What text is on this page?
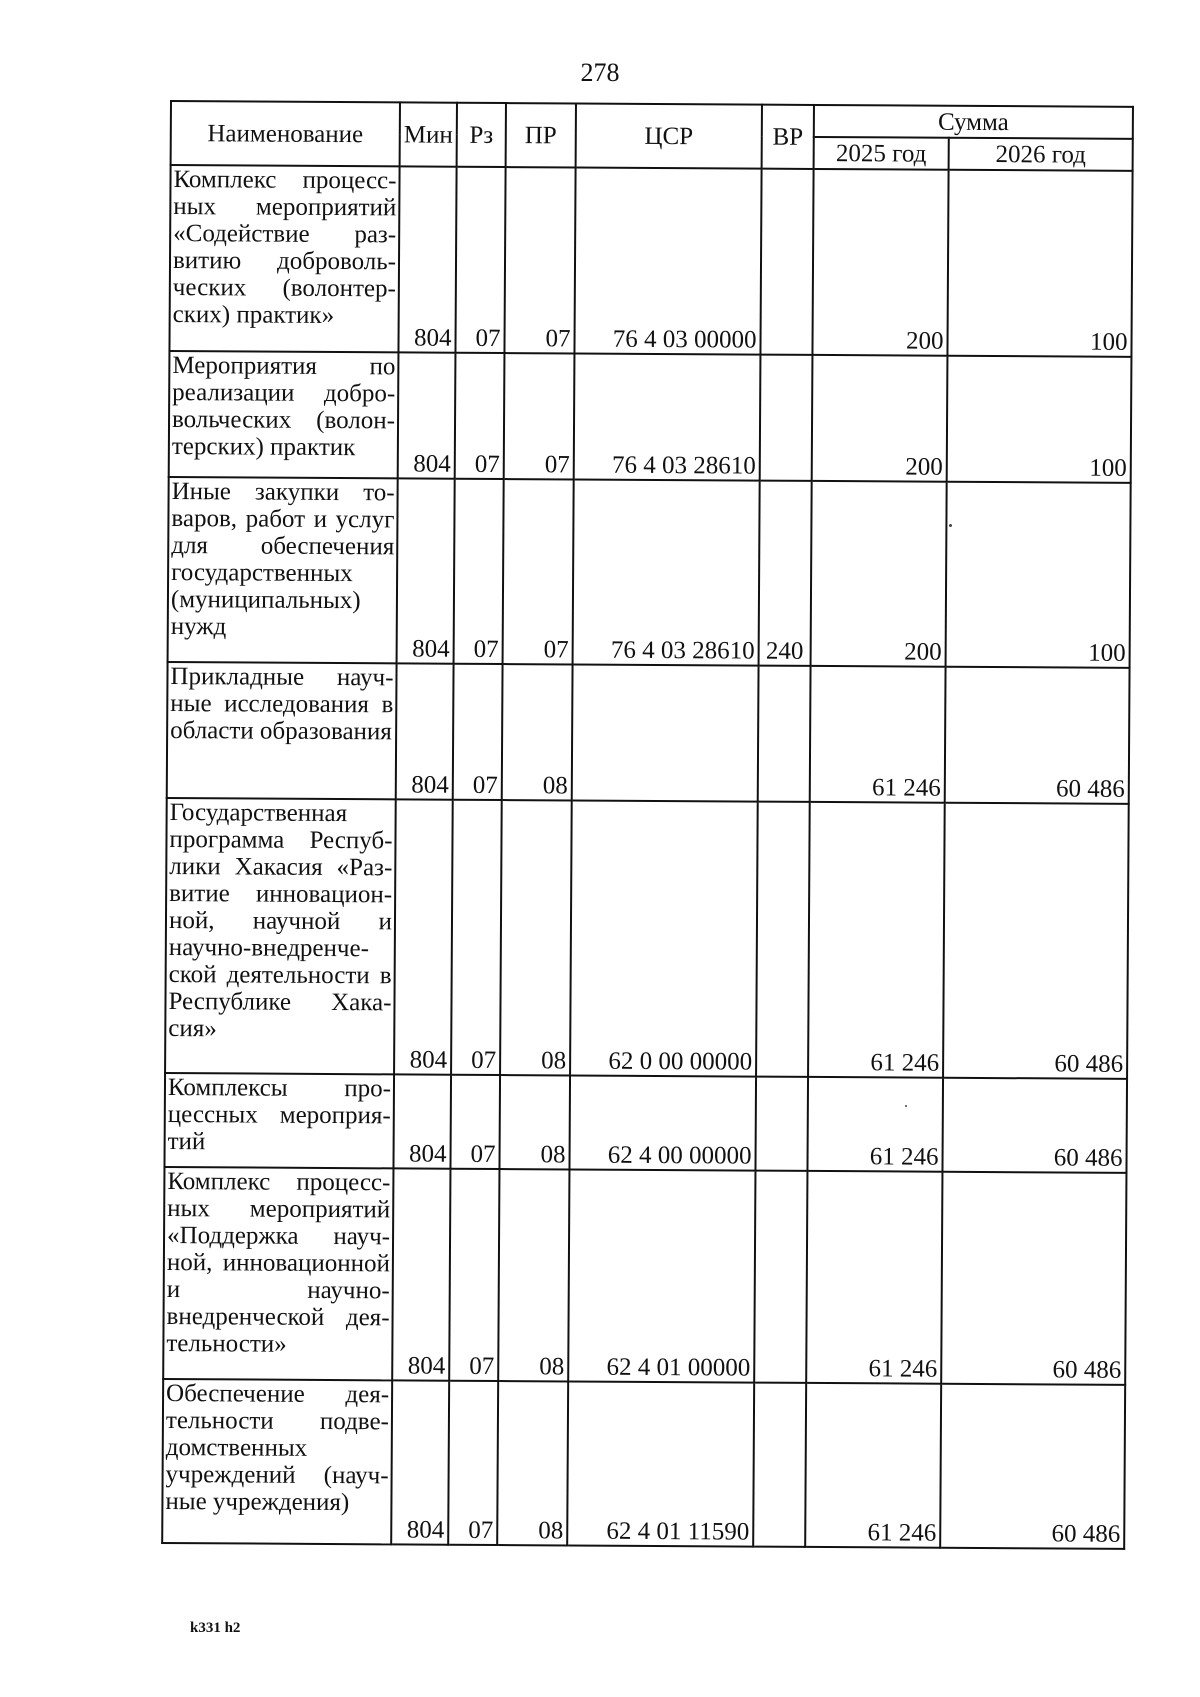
278
Наименование	Мин	Рз	ПР	ЦСР	ВР	Сумма	
						2025 год	2026 год
Комплекс процессных мероприятий «Содействие развитию добровольческих (волонтерских) практик»	804	07	07	76 4 03 00000		200	100
Мероприятия по реализации добровольческих (волонтерских) практик	804	07	07	76 4 03 28610		200	100
Иные закупки товаров, работ и услуг для обеспечения государственных (муниципальных) нужд	804	07	07	76 4 03 28610	240	200	100
Прикладные научные исследования в области образования	804	07	08			61 246	60 486
Государственная программа Республики Хакасия «Развитие инновационной, научной и научно-внедренческой деятельности в Республике Хакасия»	804	07	08	62 0 00 00000		61 246	60 486
Комплексы процессных мероприятий	804	07	08	62 4 00 00000		61 246	60 486
Комплекс процессных мероприятий «Поддержка научной, инновационной и научно-внедренческой деятельности»	804	07	08	62 4 01 00000		61 246	60 486
Обеспечение деятельности подведомственных учреждений (научные учреждения)	804	07	08	62 4 01 11590		61 246	60 486
k331 h2
